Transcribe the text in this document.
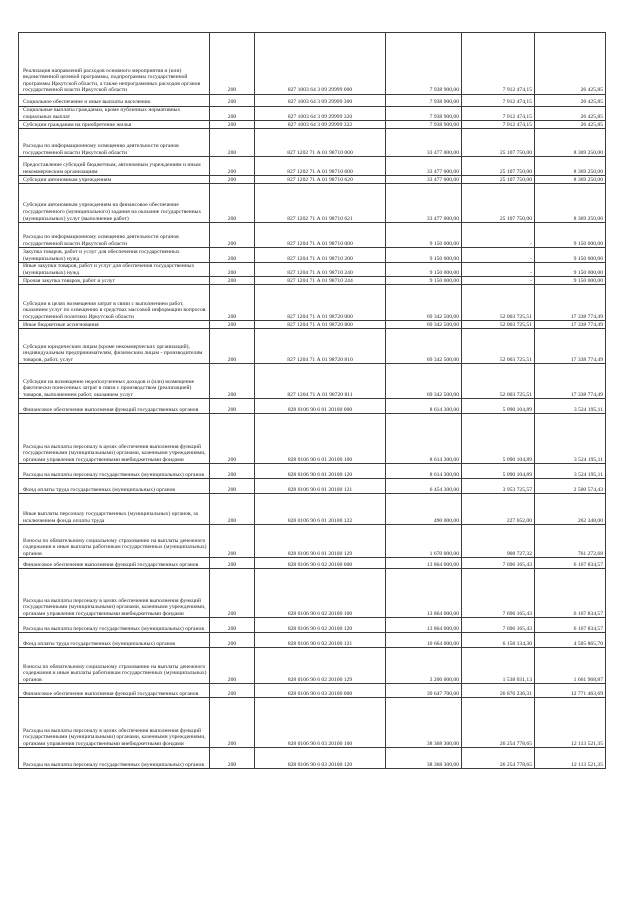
Реализация направлений расходов основного мероприятия и (или) ведомственной целевой программы, подпрограммы государственной программы Иркутской области, а также непрограммных расходов органов государственной власти Иркутской области	200	827 1003 64 3 09 29999 000	7 938 900,00	7 912 474,15	26 425,85
Социальное обеспечение и иные выплаты населению	200	827 1003 64 3 09 29999 300	7 938 900,00	7 912 474,15	26 425,85
Социальные выплаты гражданам, кроме публичных нормативных социальных выплат	200	827 1003 64 3 09 29999 320	7 938 900,00	7 912 474,15	26 425,85
Субсидии гражданам на приобретение жилья	200	827 1003 64 3 09 29999 322	7 938 900,00	7 912 474,15	26 425,85
Расходы по информационному освещению деятельности органов государственной власти Иркутской области	200	827 1202 71 А 01 98710 000	33 477 000,00	25 107 750,00	8 369 250,00
Предоставление субсидий бюджетным, автономным учреждениям и иным некоммерческим организациям	200	827 1202 71 А 01 98710 600	33 477 000,00	25 107 750,00	8 369 250,00
Субсидии автономным учреждениям	200	827 1202 71 А 01 98710 620	33 477 000,00	25 107 750,00	8 369 250,00
Субсидии автономным учреждениям на финансовое обеспечение государственного (муниципального) задания на оказание государственных (муниципальных) услуг (выполнение работ)	200	827 1202 71 А 01 98710 621	33 477 000,00	25 107 750,00	8 369 250,00
Расходы по информационному освещению деятельности органов государственной власти Иркутской области	200	827 1204 71 А 01 98710 000	9 150 000,00	-	9 150 000,00
Закупка товаров, работ и услуг для обеспечения государственных (муниципальных) нужд	200	827 1204 71 А 01 98710 200	9 150 000,00	-	9 150 000,00
Иные закупки товаров, работ и услуг для обеспечения государственных (муниципальных) нужд	200	827 1204 71 А 01 98710 240	9 150 000,00	-	9 150 000,00
Прочая закупка товаров, работ и услуг	200	827 1204 71 А 01 98710 244	9 150 000,00	-	9 150 000,00
Субсидии в целях возмещения затрат в связи с выполнением работ, оказанием услуг по освещению в средствах массовой информации вопросов государственной политики Иркутской области	200	827 1204 71 А 01 98720 000	69 342 500,00	52 003 725,51	17 338 774,49
Иные бюджетные ассигнования	200	827 1204 71 А 01 98720 800	69 342 500,00	52 003 725,51	17 338 774,49
Субсидии юридическим лицам (кроме некоммерческих организаций), индивидуальным предпринимателям, физическим лицам - производителям товаров, работ, услуг	200	827 1204 71 А 01 98720 810	69 342 500,00	52 003 725,51	17 338 774,49
Субсидии на возмещение недополученных доходов и (или) возмещение фактически понесенных затрат в связи с производством (реализацией) товаров, выполнением работ, оказанием услуг	200	827 1204 71 А 01 98720 811	69 342 500,00	52 003 725,51	17 338 774,49
Финансовое обеспечение выполнения функций государственных органов	200	828 0106 90 6 01 20100 000	8 614 300,00	5 090 104,89	3 524 195,11
Расходы на выплаты персоналу в целях обеспечения выполнения функций государственными (муниципальными) органами, казенными учреждениями, органами управления государственными внебюджетными фондами	200	828 0106 90 6 01 20100 100	8 614 300,00	5 090 104,89	3 524 195,11
Расходы на выплаты персоналу государственных (муниципальных) органов	200	828 0106 90 6 01 20100 120	8 614 300,00	5 090 104,89	3 524 195,11
Фонд оплаты труда государственных (муниципальных) органов	200	828 0106 90 6 01 20100 121	6 454 300,00	3 953 725,57	2 500 574,43
Иные выплаты персоналу государственных (муниципальных) органов, за исключением фонда оплаты труда	200	828 0106 90 6 01 20100 122	490 000,00	227 652,00	262 348,00
Взносы по обязательному социальному страхованию на выплаты денежного содержания и иные выплаты работникам государственных (муниципальных) органов	200	828 0106 90 6 01 20100 129	1 670 000,00	908 727,32	761 272,68
Финансовое обеспечение выполнения функций государственных органов	200	828 0106 90 6 02 20100 000	13 864 000,00	7 696 165,43	6 167 834,57
Расходы на выплаты персоналу в целях обеспечения выполнения функций государственными (муниципальными) органами, казенными учреждениями, органами управления государственными внебюджетными фондами	200	828 0106 90 6 02 20100 100	13 864 000,00	7 696 165,43	6 167 834,57
Расходы на выплаты персоналу государственных (муниципальных) органов	200	828 0106 90 6 02 20100 120	13 864 000,00	7 696 165,43	6 167 834,57
Фонд оплаты труда государственных (муниципальных) органов	200	828 0106 90 6 02 20100 121	10 664 000,00	6 158 134,30	4 505 865,70
Взносы по обязательному социальному страхованию на выплаты денежного содержания и иные выплаты работникам государственных (муниципальных) органов	200	828 0106 90 6 02 20100 129	3 200 000,00	1 538 031,13	1 661 968,87
Финансовое обеспечение выполнения функций государственных органов	200	828 0106 90 6 03 20100 000	39 647 700,00	26 876 236,31	12 771 463,69
Расходы на выплаты персоналу в целях обеспечения выполнения функций государственными (муниципальными) органами, казенными учреждениями, органами управления государственными внебюджетными фондами	200	828 0106 90 6 03 20100 100	38 368 300,00	26 254 778,65	12 113 521,35
Расходы на выплаты персоналу государственных (муниципальных) органов	200	828 0106 90 6 03 20100 120	38 368 300,00	26 254 778,65	12 113 521,35
